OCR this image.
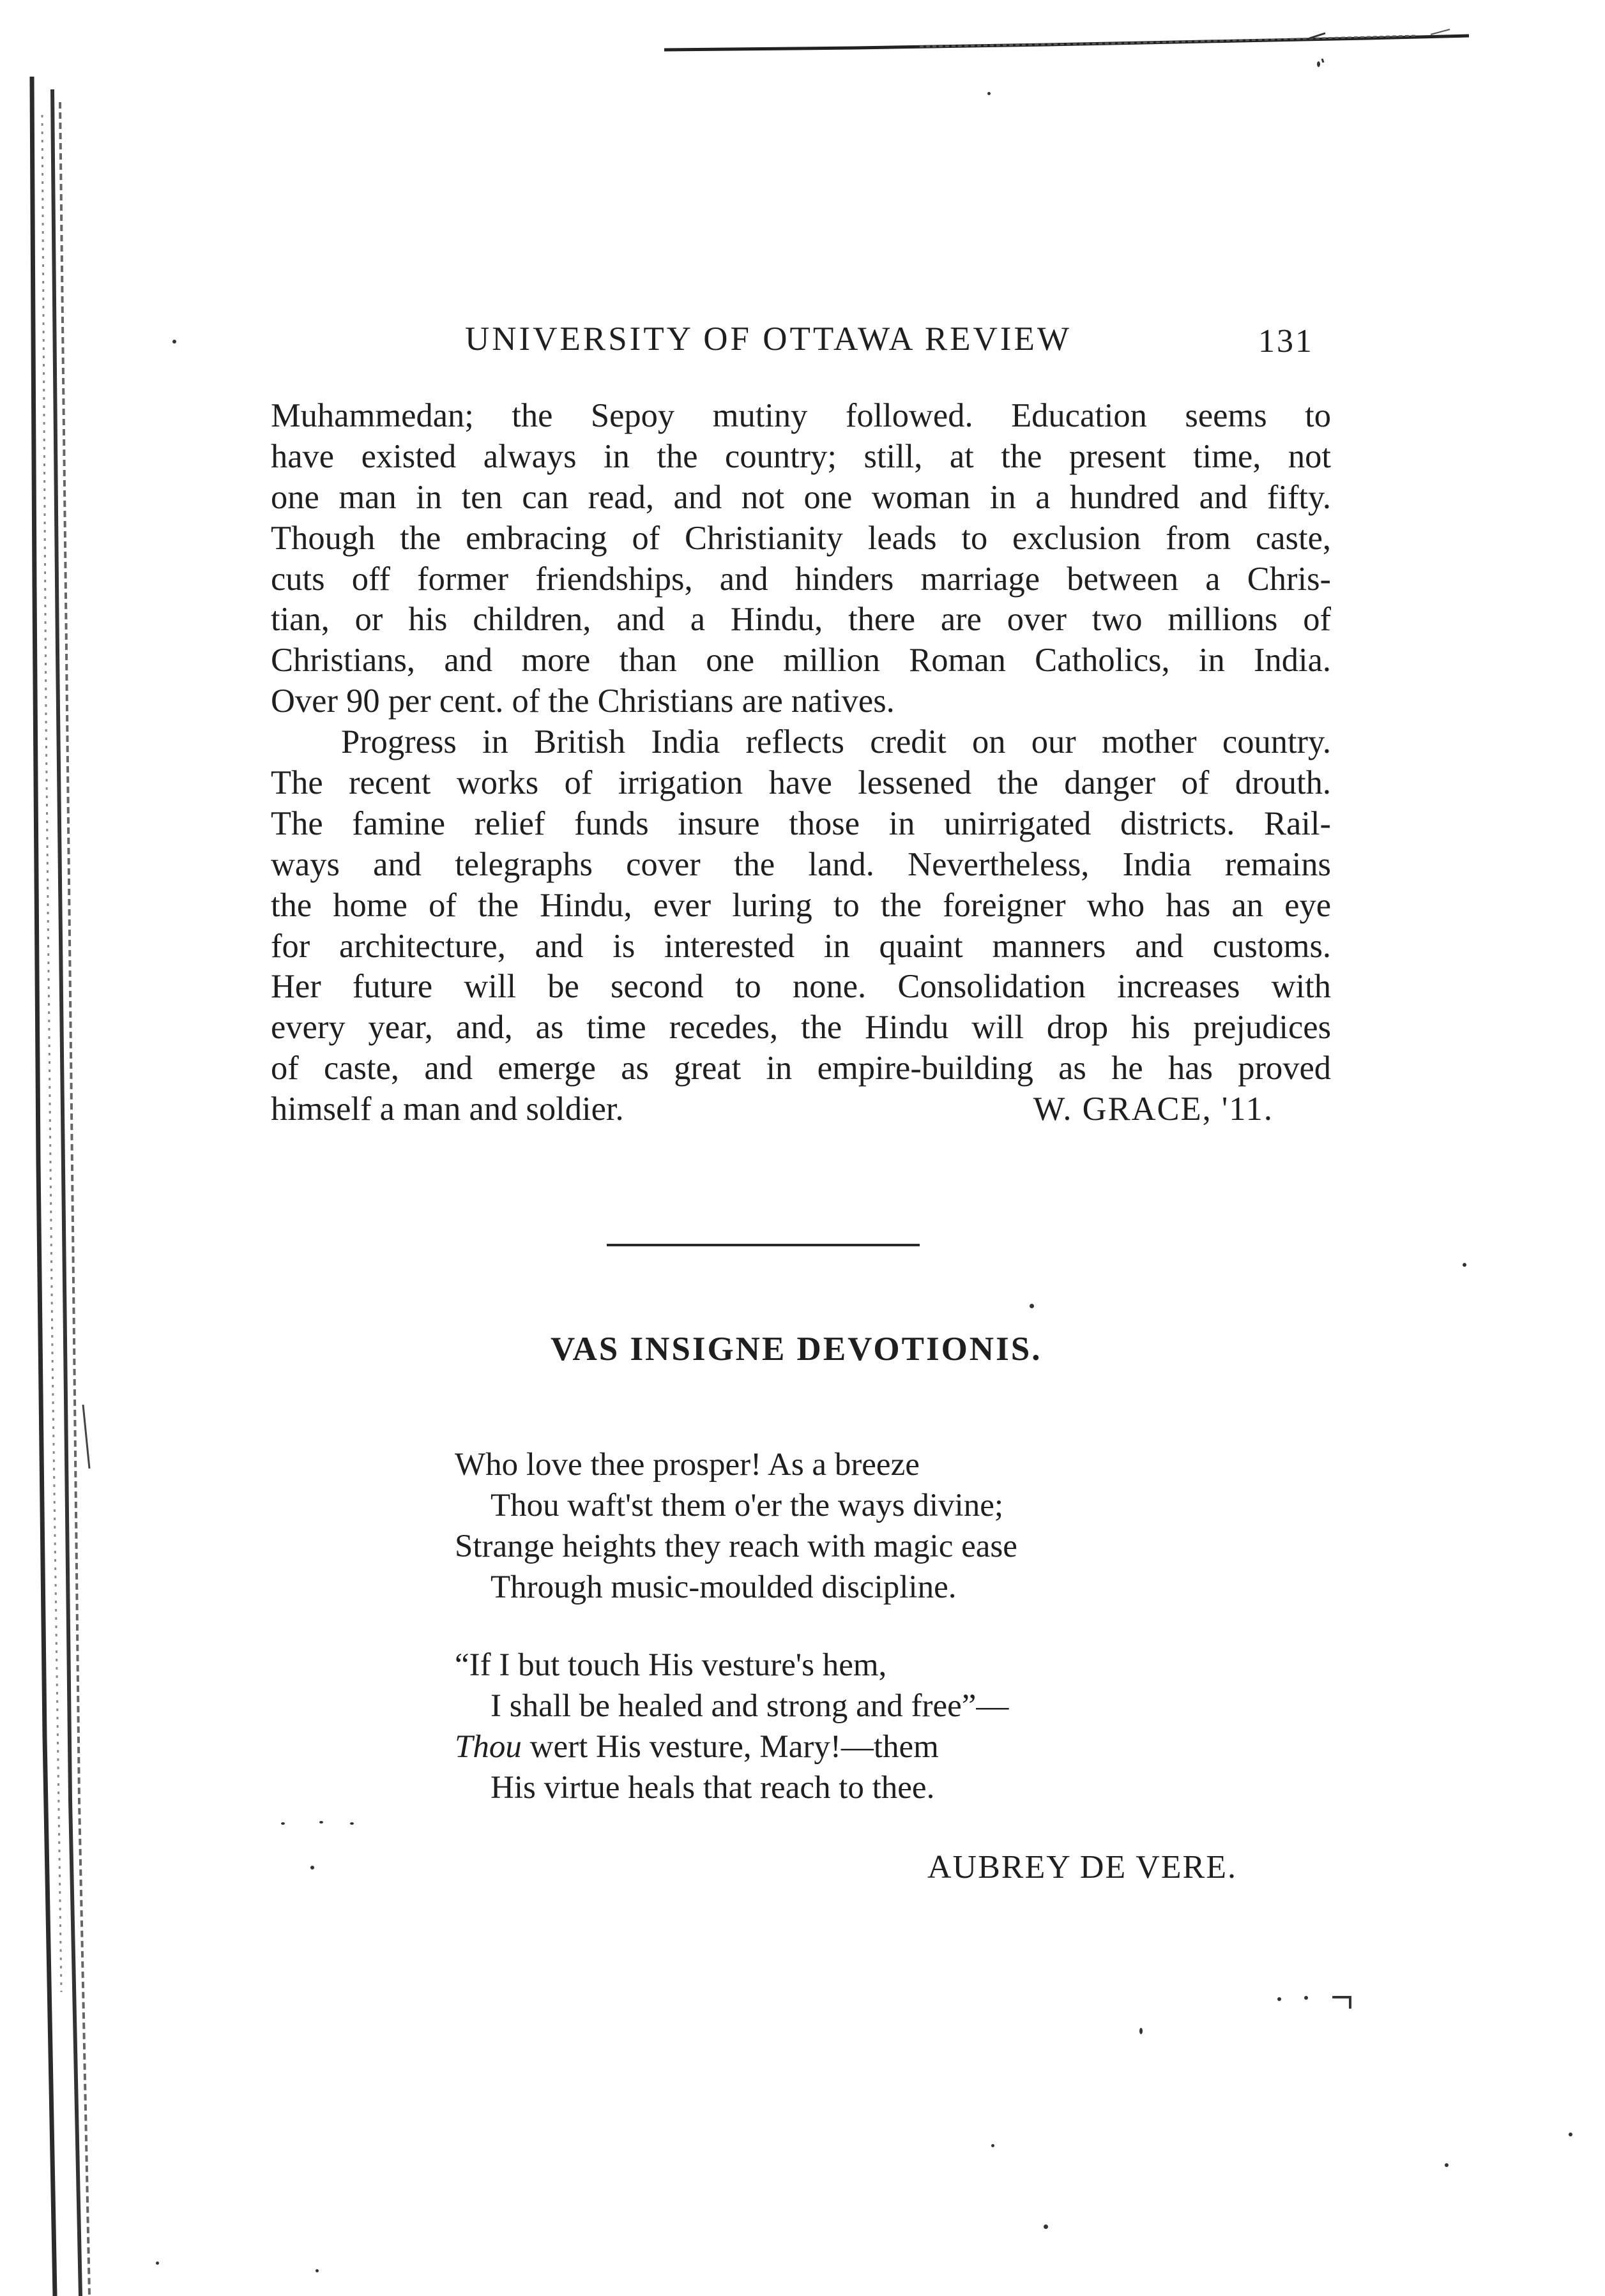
UNIVERSITY OF OTTAWA REVIEW	131
Muhammedan; the Sepoy mutiny followed. Education seems to
have existed always in the country; still, at the present time, not
one man in ten can read, and not one woman in a hundred and fifty.
Though the embracing of Christianity leads to exclusion from caste,
cuts off former friendships, and hinders marriage between a Chris-
tian, or his children, and a Hindu, there are over two millions of
Christians, and more than one million Roman Catholics, in India.
Over 90 per cent. of the Christians are natives.
Progress in British India reflects credit on our mother country.
The recent works of irrigation have lessened the danger of drouth.
The famine relief funds insure those in unirrigated districts. Rail-
ways and telegraphs cover the land. Nevertheless, India remains
the home of the Hindu, ever luring to the foreigner who has an eye
for architecture, and is interested in quaint manners and customs.
Her future will be second to none. Consolidation increases with
every year, and, as time recedes, the Hindu will drop his prejudices
of caste, and emerge as great in empire-building as he has proved
himself a man and soldier.	W. GRACE, '11.
VAS INSIGNE DEVOTIONIS.
Who love thee prosper! As a breeze
Thou waft'st them o'er the ways divine;
Strange heights they reach with magic ease
Through music-moulded discipline.
“If I but touch His vesture's hem,
I shall be healed and strong and free”—
Thou wert His vesture, Mary!—them
His virtue heals that reach to thee.
AUBREY DE VERE.
